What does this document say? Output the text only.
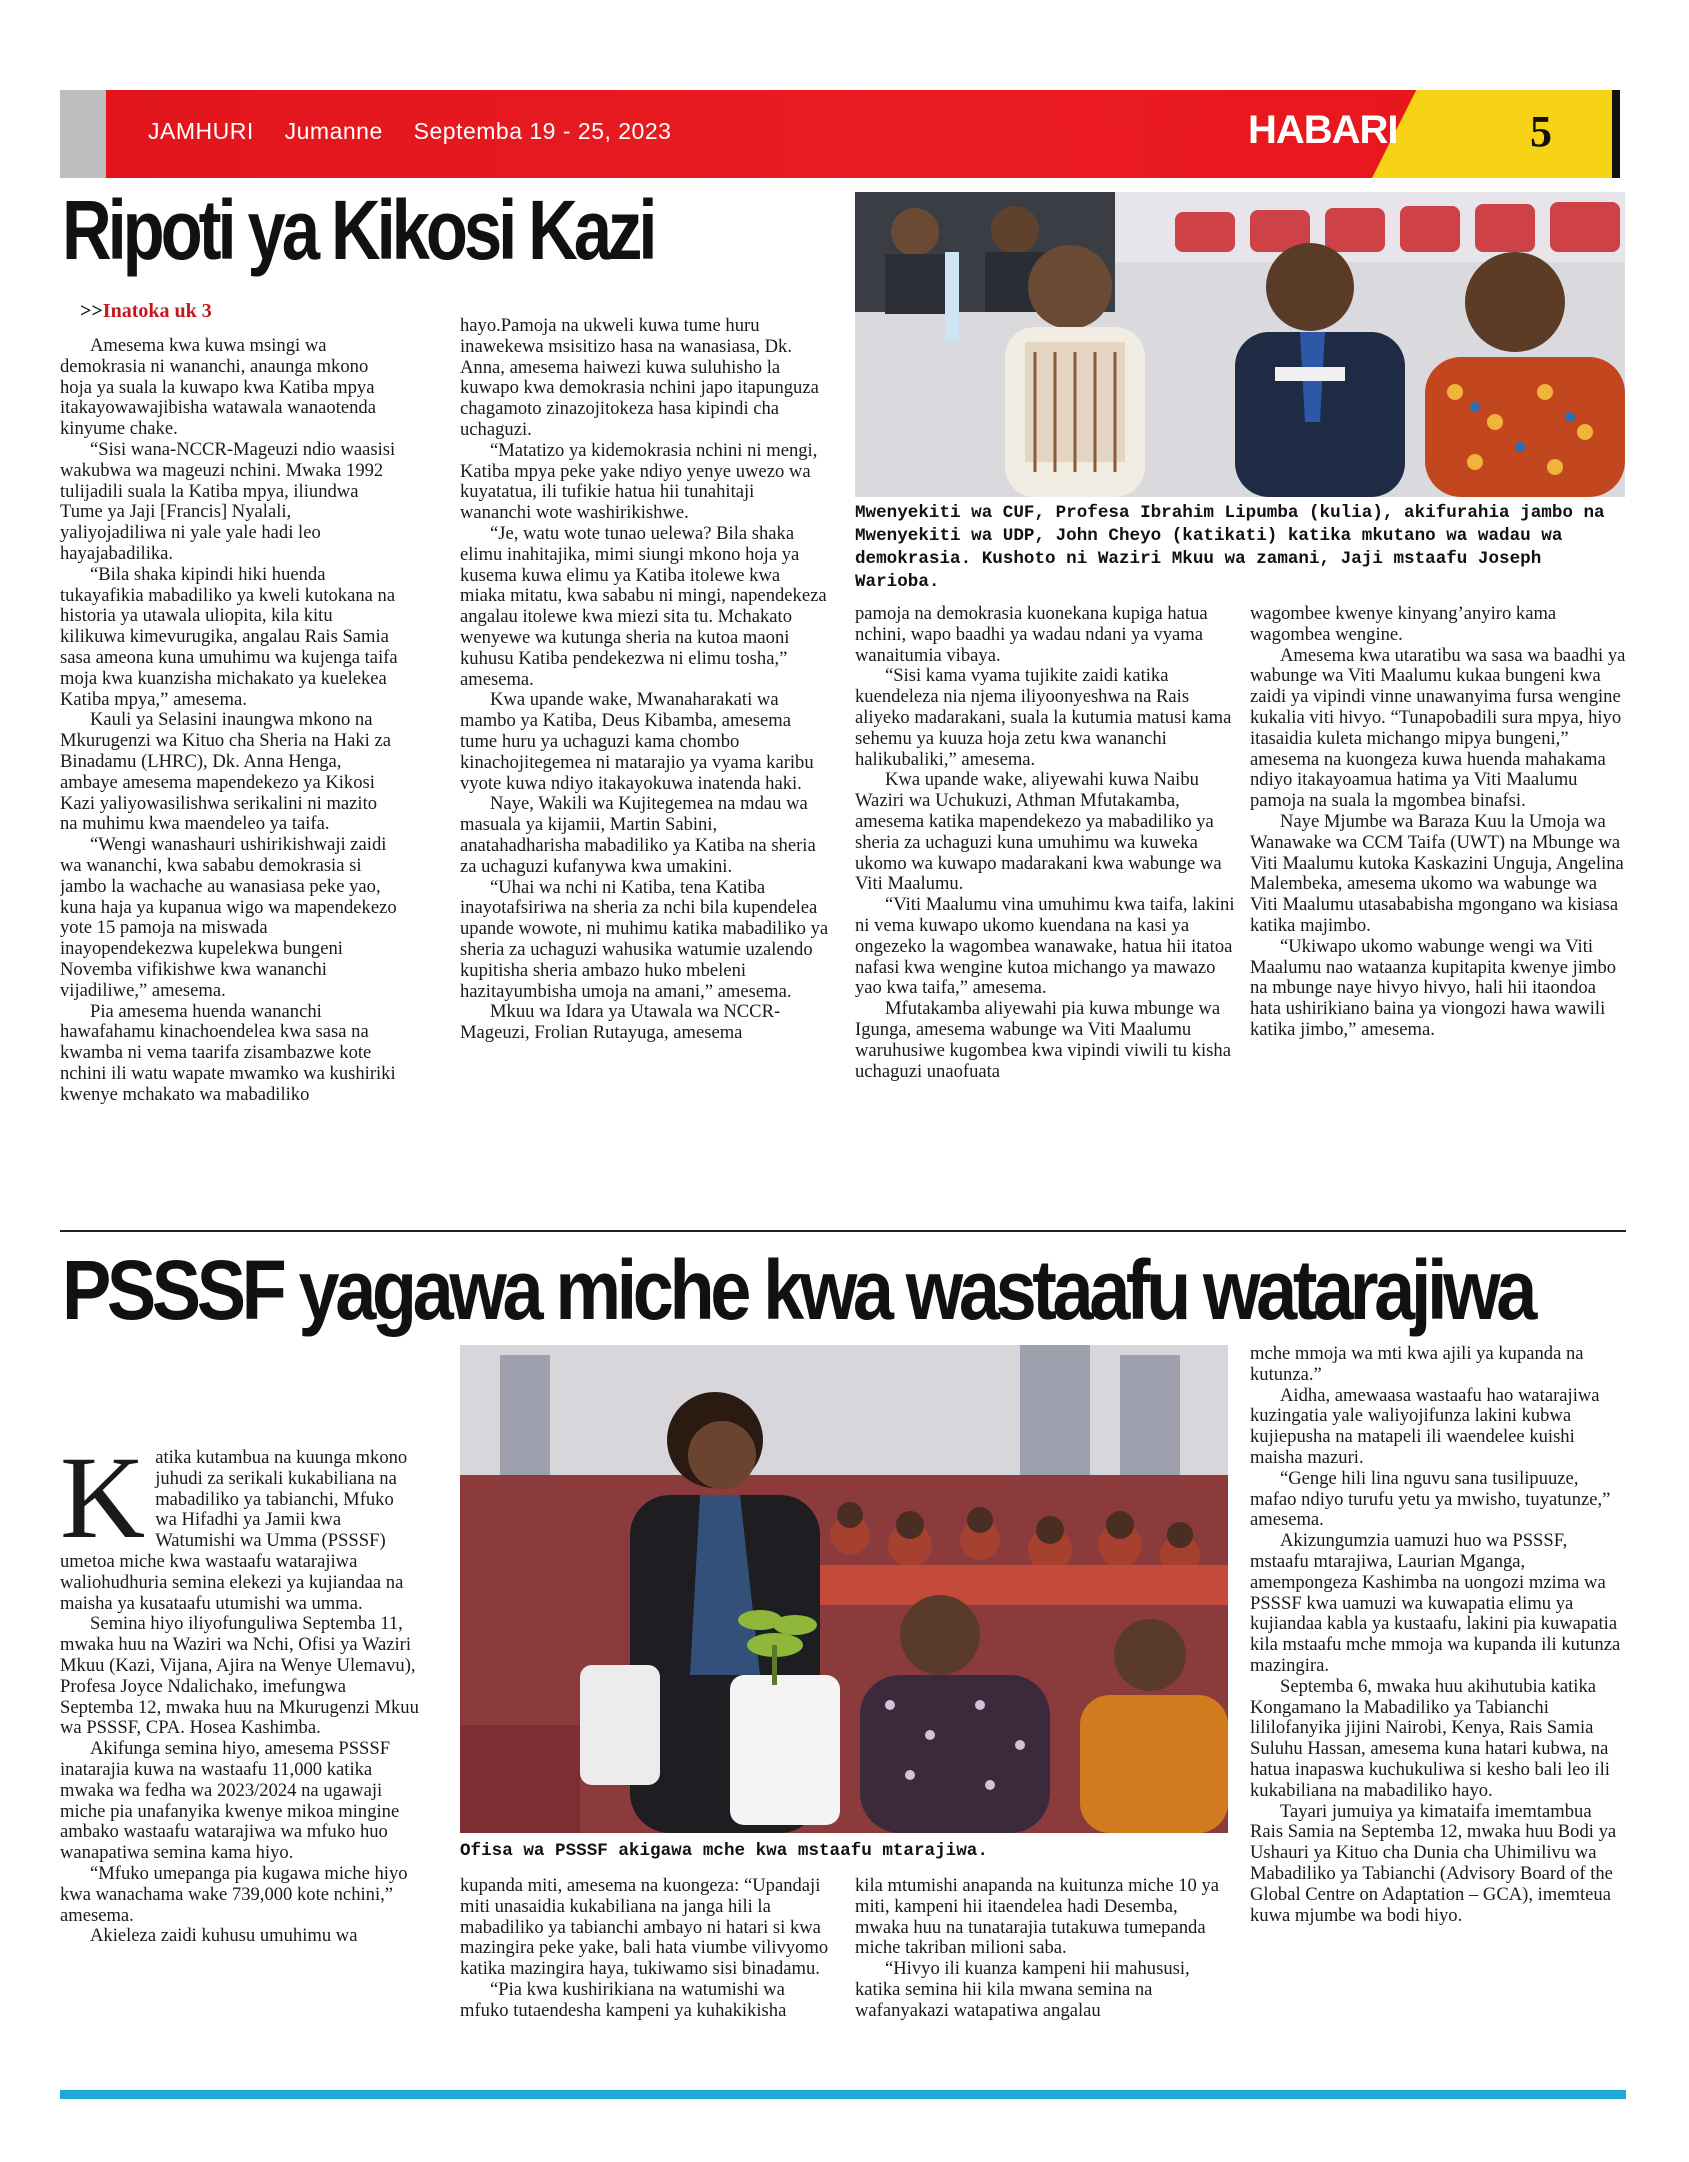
JAMHURI Jumanne Septemba 19 - 25, 2023	HABARI	5
Ripoti ya Kikosi Kazi
>>Inatoka uk 3

Amesema kwa kuwa msingi wa demokrasia ni wananchi, anaunga mkono hoja ya suala la kuwapo kwa Katiba mpya itakayowawajibisha watawala wanaotenda kinyume chake.

“Sisi wana-NCCR-Mageuzi ndio waasisi wakubwa wa mageuzi nchini. Mwaka 1992 tulijadili suala la Katiba mpya, iliundwa Tume ya Jaji [Francis] Nyalali, yaliyojadiliwa ni yale yale hadi leo hayajabadilika.

“Bila shaka kipindi hiki huenda tukayafikia mabadiliko ya kweli kutokana na historia ya utawala uliopita, kila kitu kilikuwa kimevurugika, angalau Rais Samia sasa ameona kuna umuhimu wa kujenga taifa moja kwa kuanzisha michakato ya kuelekea Katiba mpya,” amesema.

Kauli ya Selasini inaungwa mkono na Mkurugenzi wa Kituo cha Sheria na Haki za Binadamu (LHRC), Dk. Anna Henga, ambaye amesema mapendekezo ya Kikosi Kazi yaliyowasilishwa serikalini ni mazito na muhimu kwa maendeleo ya taifa.

“Wengi wanashauri ushirikishwaji zaidi wa wananchi, kwa sababu demokrasia si jambo la wachache au wanasiasa peke yao, kuna haja ya kupanua wigo wa mapendekezo yote 15 pamoja na miswada inayopendekezwa kupelekwa bungeni Novemba vifikishwe kwa wananchi vijadiliwe,” amesema.

Pia amesema huenda wananchi hawafahamu kinachoendelea kwa sasa na kwamba ni vema taarifa zisambazwe kote nchini ili watu wapate mwamko wa kushiriki kwenye mchakato wa mabadiliko

hayo.Pamoja na ukweli kuwa tume huru inawekewa msisitizo hasa na wanasiasa, Dk. Anna, amesema haiwezi kuwa suluhisho la kuwapo kwa demokrasia nchini japo itapunguza chagamoto zinazojitokeza hasa kipindi cha uchaguzi.

“Matatizo ya kidemokrasia nchini ni mengi, Katiba mpya peke yake ndiyo yenye uwezo wa kuyatatua, ili tufikie hatua hii tunahitaji wananchi wote washirikishwe.

“Je, watu wote tunao uelewa? Bila shaka elimu inahitajika, mimi siungi mkono hoja ya kusema kuwa elimu ya Katiba itolewe kwa miaka mitatu, kwa sababu ni mingi, napendekeza angalau itolewe kwa miezi sita tu. Mchakato wenyewe wa kutunga sheria na kutoa maoni kuhusu Katiba pendekezwa ni elimu tosha,” amesema.

Kwa upande wake, Mwanaharakati wa mambo ya Katiba, Deus Kibamba, amesema tume huru ya uchaguzi kama chombo kinachojitegemea ni matarajio ya vyama karibu vyote kuwa ndiyo itakayokuwa inatenda haki.

Naye, Wakili wa Kujitegemea na mdau wa masuala ya kijamii, Martin Sabini, anatahadharisha mabadiliko ya Katiba na sheria za uchaguzi kufanywa kwa umakini.

“Uhai wa nchi ni Katiba, tena Katiba inayotafsiriwa na sheria za nchi bila kupendelea upande wowote, ni muhimu katika mabadiliko ya sheria za uchaguzi wahusika watumie uzalendo kupitisha sheria ambazo huko mbeleni hazitayumbisha umoja na amani,” amesema.

Mkuu wa Idara ya Utawala wa NCCR-Mageuzi, Frolian Rutayuga, amesema

Mwenyekiti wa CUF, Profesa Ibrahim Lipumba (kulia), akifurahia jambo na Mwenyekiti wa UDP, John Cheyo (katikati) katika mkutano wa wadau wa demokrasia. Kushoto ni Waziri Mkuu wa zamani, Jaji mstaafu Joseph Warioba.

pamoja na demokrasia kuonekana kupiga hatua nchini, wapo baadhi ya wadau ndani ya vyama wanaitumia vibaya.

“Sisi kama vyama tujikite zaidi katika kuendeleza nia njema iliyoonyeshwa na Rais aliyeko madarakani, suala la kutumia matusi kama sehemu ya kuuza hoja zetu kwa wananchi halikubaliki,” amesema.

Kwa upande wake, aliyewahi kuwa Naibu Waziri wa Uchukuzi, Athman Mfutakamba, amesema katika mapendekezo ya mabadiliko ya sheria za uchaguzi kuna umuhimu wa kuweka ukomo wa kuwapo madarakani kwa wabunge wa Viti Maalumu.

“Viti Maalumu vina umuhimu kwa taifa, lakini ni vema kuwapo ukomo kuendana na kasi ya ongezeko la wagombea wanawake, hatua hii itatoa nafasi kwa wengine kutoa michango ya mawazo yao kwa taifa,” amesema.

Mfutakamba aliyewahi pia kuwa mbunge wa Igunga, amesema wabunge wa Viti Maalumu waruhusiwe kugombea kwa vipindi viwili tu kisha uchaguzi unaofuata

wagombee kwenye kinyang’anyiro kama wagombea wengine.

Amesema kwa utaratibu wa sasa wa baadhi ya wabunge wa Viti Maalumu kukaa bungeni kwa zaidi ya vipindi vinne unawanyima fursa wengine kukalia viti hivyo. “Tunapobadili sura mpya, hiyo itasaidia kuleta michango mipya bungeni,” amesema na kuongeza kuwa huenda mahakama ndiyo itakayoamua hatima ya Viti Maalumu pamoja na suala la mgombea binafsi.

Naye Mjumbe wa Baraza Kuu la Umoja wa Wanawake wa CCM Taifa (UWT) na Mbunge wa Viti Maalumu kutoka Kaskazini Unguja, Angelina Malembeka, amesema ukomo wa wabunge wa Viti Maalumu utasababisha mgongano wa kisiasa katika majimbo.

“Ukiwapo ukomo wabunge wengi wa Viti Maalumu nao wataanza kupitapita kwenye jimbo na mbunge naye hivyo hivyo, hali hii itaondoa hata ushirikiano baina ya viongozi hawa wawili katika jimbo,” amesema.

PSSSF yagawa miche kwa wastaafu watarajiwa

Katika kutambua na kuunga mkono juhudi za serikali kukabiliana na mabadiliko ya tabianchi, Mfuko wa Hifadhi ya Jamii kwa Watumishi wa Umma (PSSSF) umetoa miche kwa wastaafu watarajiwa waliohudhuria semina elekezi ya kujiandaa na maisha ya kusataafu utumishi wa umma.

Semina hiyo iliyofunguliwa Septemba 11, mwaka huu na Waziri wa Nchi, Ofisi ya Waziri Mkuu (Kazi, Vijana, Ajira na Wenye Ulemavu), Profesa Joyce Ndalichako, imefungwa Septemba 12, mwaka huu na Mkurugenzi Mkuu wa PSSSF, CPA. Hosea Kashimba.

Akifunga semina hiyo, amesema PSSSF inatarajia kuwa na wastaafu 11,000 katika mwaka wa fedha wa 2023/2024 na ugawaji miche pia unafanyika kwenye mikoa mingine ambako wastaafu watarajiwa wa mfuko huo wanapatiwa semina kama hiyo.

“Mfuko umepanga pia kugawa miche hiyo kwa wanachama wake 739,000 kote nchini,” amesema.

Akieleza zaidi kuhusu umuhimu wa

Ofisa wa PSSSF akigawa mche kwa mstaafu mtarajiwa.

kupanda miti, amesema na kuongeza: “Upandaji miti unasaidia kukabiliana na janga hili la mabadiliko ya tabianchi ambayo ni hatari si kwa mazingira peke yake, bali hata viumbe vilivyomo katika mazingira haya, tukiwamo sisi binadamu.

“Pia kwa kushirikiana na watumishi wa mfuko tutaendesha kampeni ya kuhakikisha

kila mtumishi anapanda na kuitunza miche 10 ya miti, kampeni hii itaendelea hadi Desemba, mwaka huu na tunatarajia tutakuwa tumepanda miche takriban milioni saba.

“Hivyo ili kuanza kampeni hii mahususi, katika semina hii kila mwana semina na wafanyakazi watapatiwa angalau

mche mmoja wa mti kwa ajili ya kupanda na kutunza.”

Aidha, amewaasa wastaafu hao watarajiwa kuzingatia yale waliyojifunza lakini kubwa kujiepusha na matapeli ili waendelee kuishi maisha mazuri.

“Genge hili lina nguvu sana tusilipuuze, mafao ndiyo turufu yetu ya mwisho, tuyatunze,” amesema.

Akizungumzia uamuzi huo wa PSSSF, mstaafu mtarajiwa, Laurian Mganga, amempongeza Kashimba na uongozi mzima wa PSSSF kwa uamuzi wa kuwapatia elimu ya kujiandaa kabla ya kustaafu, lakini pia kuwapatia kila mstaafu mche mmoja wa kupanda ili kutunza mazingira.

Septemba 6, mwaka huu akihutubia katika Kongamano la Mabadiliko ya Tabianchi lililofanyika jijini Nairobi, Kenya, Rais Samia Suluhu Hassan, amesema kuna hatari kubwa, na hatua inapaswa kuchukuliwa si kesho bali leo ili kukabiliana na mabadiliko hayo.

Tayari jumuiya ya kimataifa imemtambua Rais Samia na Septemba 12, mwaka huu Bodi ya Ushauri ya Kituo cha Dunia cha Uhimilivu wa Mabadiliko ya Tabianchi (Advisory Board of the Global Centre on Adaptation – GCA), imemteua kuwa mjumbe wa bodi hiyo.
